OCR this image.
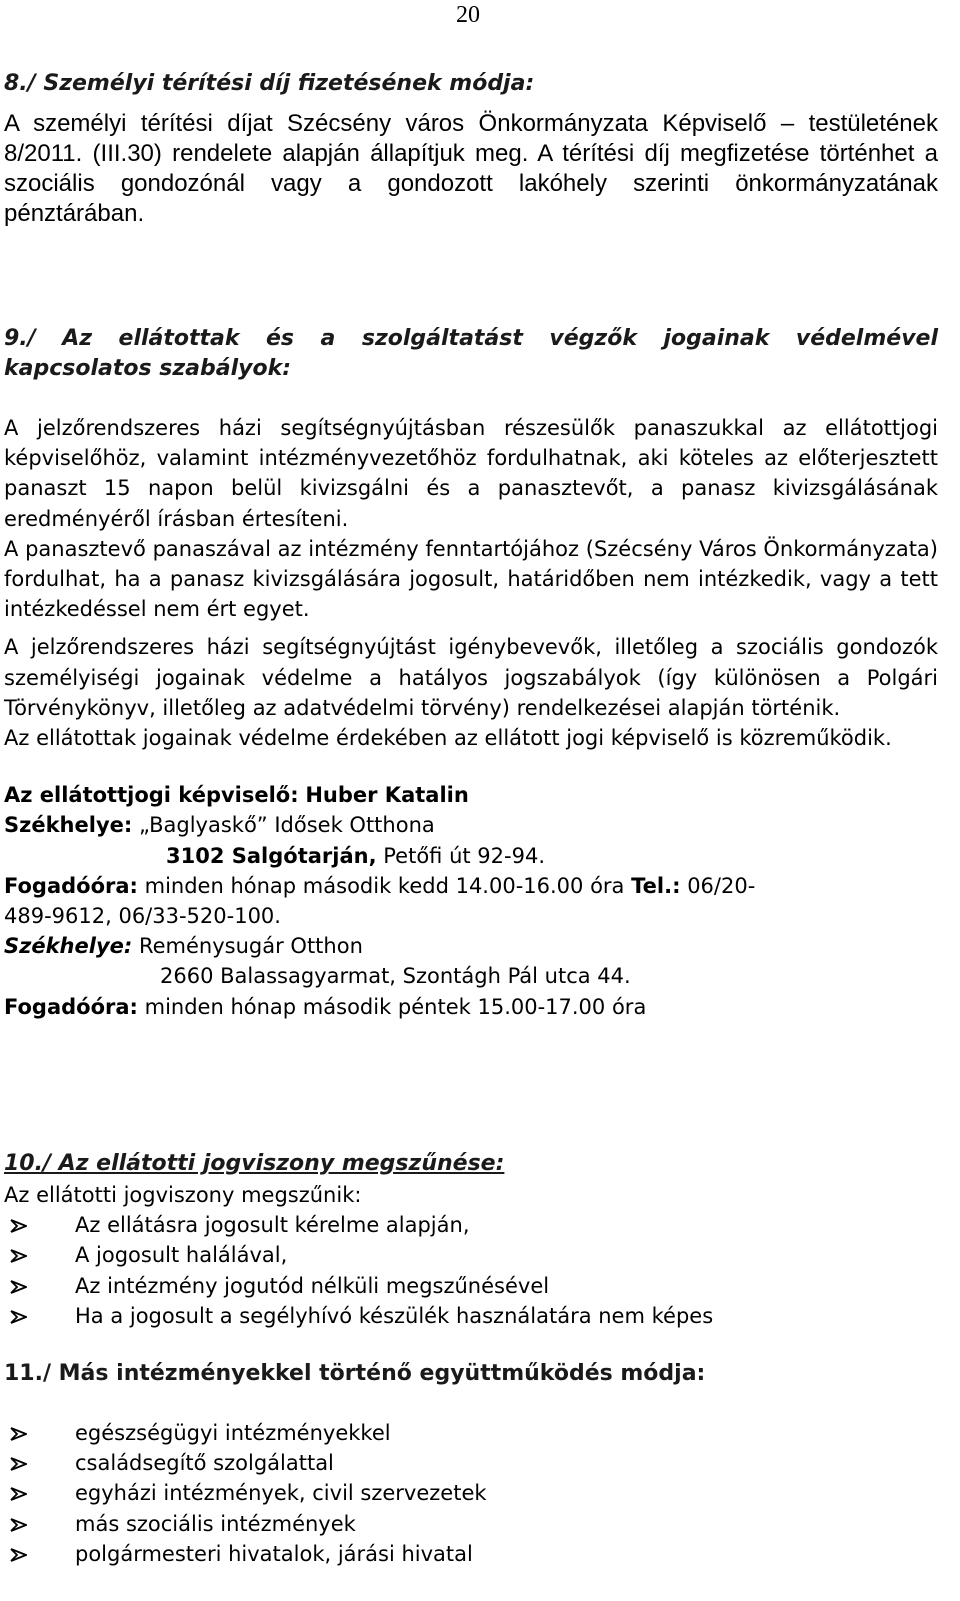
20
8./ Személyi térítési díj fizetésének módja:

A személyi térítési díjat Szécsény város Önkormányzata Képviselő – testületének 8/2011. (III.30) rendelete alapján állapítjuk meg. A térítési díj megfizetése történhet a szociális gondozónál vagy a gondozott lakóhely szerinti önkormányzatának pénztárában.

9./ Az ellátottak és a szolgáltatást végzők jogainak védelmével kapcsolatos szabályok:

A jelzőrendszeres házi segítségnyújtásban részesülők panaszukkal az ellátottjogi képviselőhöz, valamint intézményvezetőhöz fordulhatnak, aki köteles az előterjesztett panaszt 15 napon belül kivizsgálni és a panasztevőt, a panasz kivizsgálásának eredményéről írásban értesíteni.

A panasztevő panaszával az intézmény fenntartójához (Szécsény Város Önkormányzata) fordulhat, ha a panasz kivizsgálására jogosult, határidőben nem intézkedik, vagy a tett intézkedéssel nem ért egyet.

A jelzőrendszeres házi segítségnyújtást igénybevevők, illetőleg a szociális gondozók személyiségi jogainak védelme a hatályos jogszabályok (így különösen a Polgári Törvénykönyv, illetőleg az adatvédelmi törvény) rendelkezései alapján történik.

Az ellátottak jogainak védelme érdekében az ellátott jogi képviselő is közreműködik.

Az ellátottjogi képviselő: Huber Katalin
Székhelye: „Baglyaskő” Idősek Otthona
3102 Salgótarján, Petőfi út 92-94.
Fogadóóra: minden hónap második kedd 14.00-16.00 óra Tel.: 06/20-
489-9612, 06/33-520-100.
Székhelye: Reménysugár Otthon
2660 Balassagyarmat, Szontágh Pál utca 44.
Fogadóóra: minden hónap második péntek 15.00-17.00 óra
10./ Az ellátotti jogviszony megszűnése:
Az ellátotti jogviszony megszűnik:
Az ellátásra jogosult kérelme alapján,
A jogosult halálával,
Az intézmény jogutód nélküli megszűnésével
Ha a jogosult a segélyhívó készülék használatára nem képes
11./ Más intézményekkel történő együttműködés módja:
egészségügyi intézményekkel
családsegítő szolgálattal
egyházi intézmények, civil szervezetek
más szociális intézmények
polgármesteri hivatalok, járási hivatal
